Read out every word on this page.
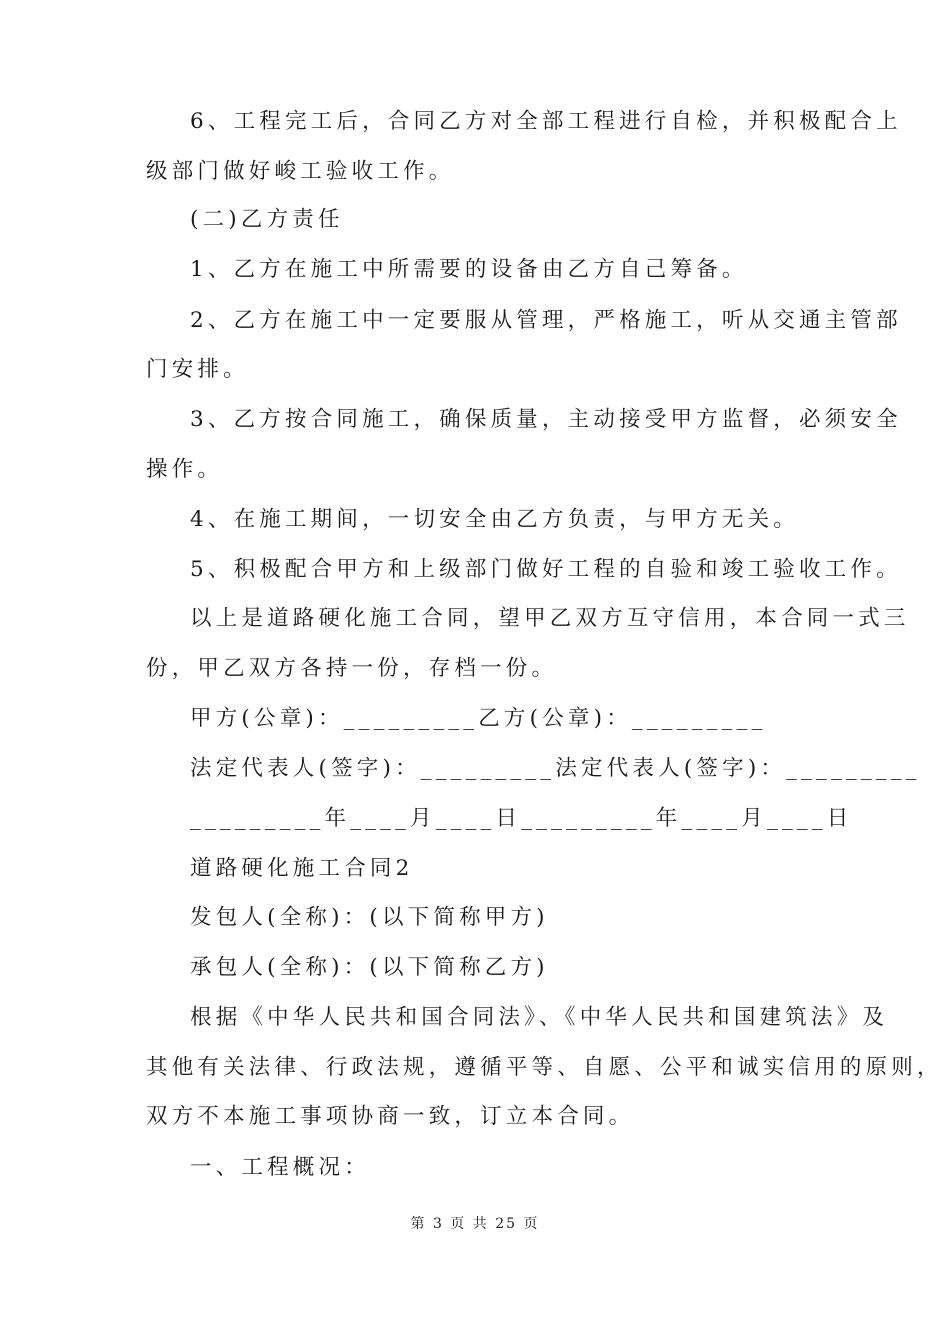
6、工程完工后，合同乙方对全部工程进行自检，并积极配合上
级部门做好峻工验收工作。
(二)乙方责任
1、乙方在施工中所需要的设备由乙方自己筹备。
2、乙方在施工中一定要服从管理，严格施工，听从交通主管部
门安排。
3、乙方按合同施工，确保质量，主动接受甲方监督，必须安全
操作。
4、在施工期间，一切安全由乙方负责，与甲方无关。
5、积极配合甲方和上级部门做好工程的自验和竣工验收工作。
以上是道路硬化施工合同，望甲乙双方互守信用，本合同一式三
份，甲乙双方各持一份，存档一份。
甲方(公章)：_________乙方(公章)：_________
法定代表人(签字)：_________法定代表人(签字)：_________
_________年____月____日_________年____月____日
道路硬化施工合同2
发包人(全称)：(以下简称甲方)
承包人(全称)：(以下简称乙方)
根据《中华人民共和国合同法》、《中华人民共和国建筑法》及
其他有关法律、行政法规，遵循平等、自愿、公平和诚实信用的原则，
双方不本施工事项协商一致，订立本合同。
一、工程概况：
第 3 页 共 25 页
